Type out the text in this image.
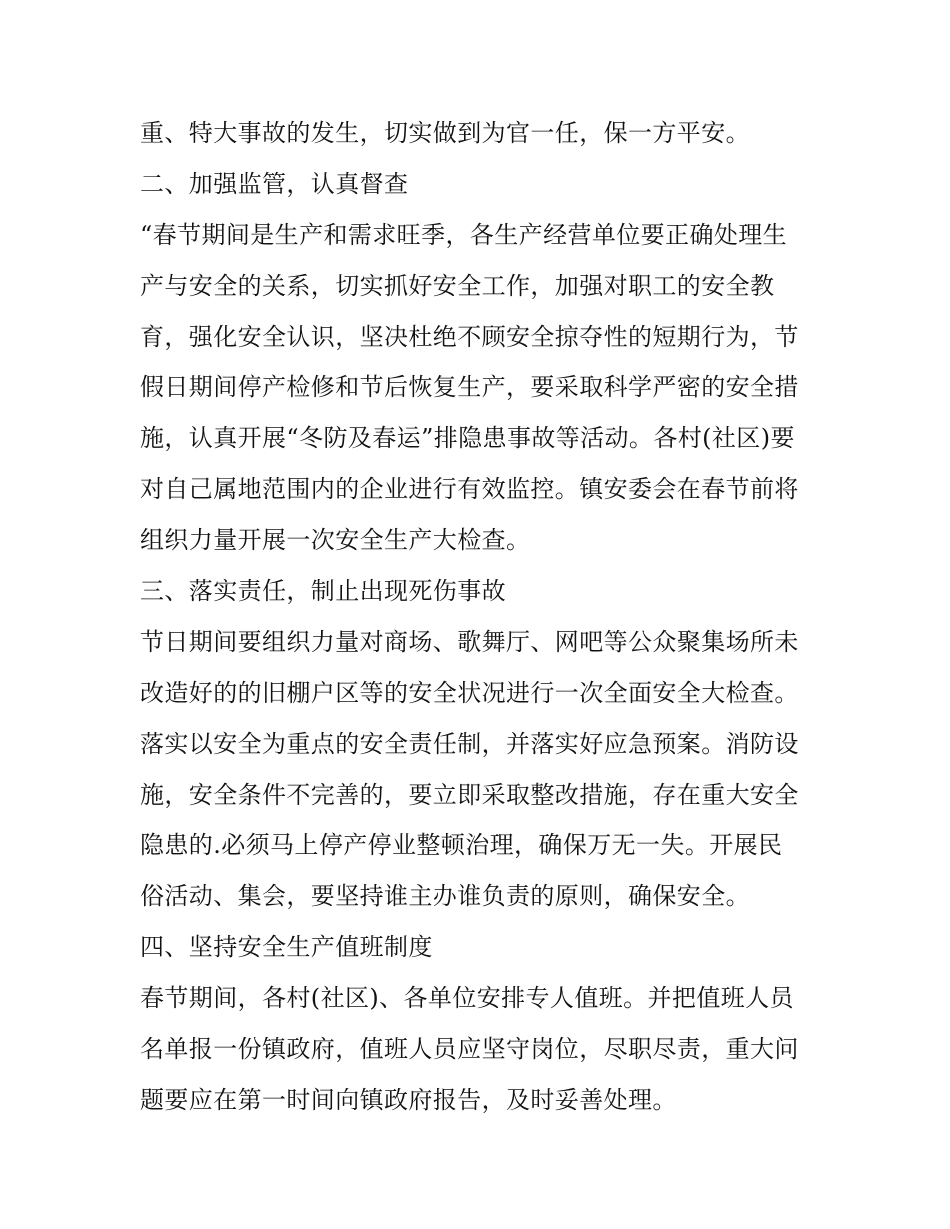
重、特大事故的发生，切实做到为官一任，保一方平安。
二、加强监管，认真督查
“春节期间是生产和需求旺季，各生产经营单位要正确处理生
产与安全的关系，切实抓好安全工作，加强对职工的安全教
育，强化安全认识，坚决杜绝不顾安全掠夺性的短期行为，节
假日期间停产检修和节后恢复生产，要采取科学严密的安全措
施，认真开展“冬防及春运”排隐患事故等活动。各村(社区)要
对自己属地范围内的企业进行有效监控。镇安委会在春节前将
组织力量开展一次安全生产大检查。
三、落实责任，制止出现死伤事故
节日期间要组织力量对商场、歌舞厅、网吧等公众聚集场所未
改造好的的旧棚户区等的安全状况进行一次全面安全大检查。
落实以安全为重点的安全责任制，并落实好应急预案。消防设
施，安全条件不完善的，要立即采取整改措施，存在重大安全
隐患的.必须马上停产停业整顿治理，确保万无一失。开展民
俗活动、集会，要坚持谁主办谁负责的原则，确保安全。
四、坚持安全生产值班制度
春节期间，各村(社区)、各单位安排专人值班。并把值班人员
名单报一份镇政府，值班人员应坚守岗位，尽职尽责，重大问
题要应在第一时间向镇政府报告，及时妥善处理。
